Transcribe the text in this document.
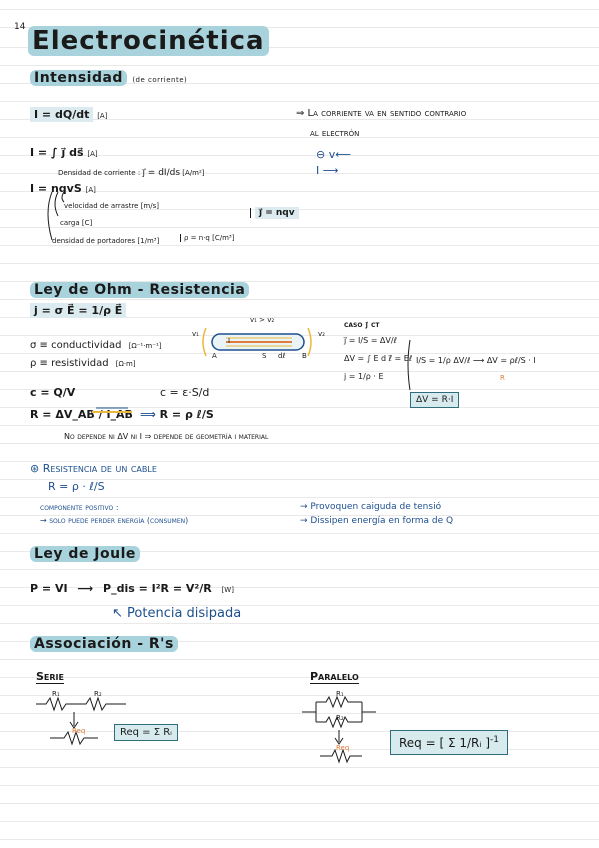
14 Electrocinética
Intensidad (de corriente)
I = dQ/dt [A]
I = ∫ j⃗ ds⃗ [A]
Densidad de corriente : j⃗ = dI/ds [A/m²]
I = nqvS [A]
velocidad de arrastre [m/s]
carga [C]
densidad de portadores [1/m³]	ρ = n·q [C/m³]
j⃗ = nqv
⇒ La corriente va en sentido contrario
al electrón
⊖ v⟵
I ⟶
Ley de Ohm - Resistencia
j = σ E⃗ = 1/ρ E⃗
σ ≡ conductividad [Ω⁻¹·m⁻¹]
ρ ≡ resistividad [Ω·m]
c = Q/V	c = ε·S/d
R = ΔV_AB / I_AB ⟹ R = ρ ℓ/S
No depende ni ΔV ni I ⇒ depende de geometría i material
v₁ > v₂
v₁	v₂
I
A	B
S dℓ
caso j⃗ ct
j⃗ = I/S = ΔV/ℓ
ΔV = ∫ E d ℓ⃗ = Eℓ
j = 1/ρ · E
I/S = 1/ρ ΔV/ℓ ⟶ ΔV = ρℓ/S · I
R
ΔV = R·I
⊛ Resistencia de un cable
R = ρ · ℓ/S
componente positivo :
→ solo puede perder energía (consumen)
→ Provoquen caiguda de tensió
→ Dissipen energía en forma de Q
Ley de Joule
P = VI ⟶ P_dis = I²R = V²/R [W]
↖ Potencia disipada
Associación - R's
Serie
R₁	R₂
Req	Req = Σ Rᵢ
Paralelo
R₁
R₂
Req	Req = [ Σ 1/Rᵢ ]$^{-1}$
